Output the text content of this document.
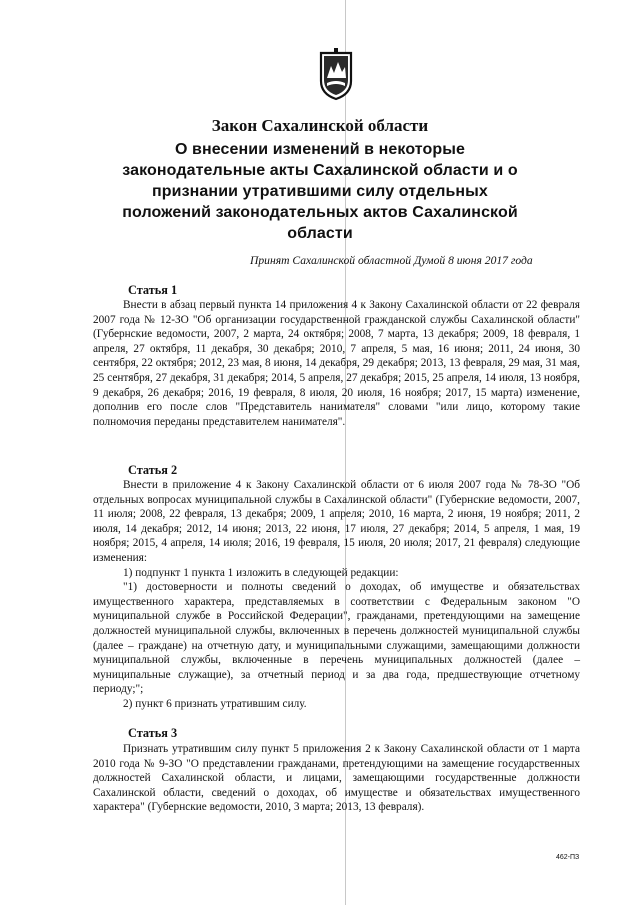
Закон Сахалинской области
О внесении изменений в некоторые законодательные акты Сахалинской области и о признании утратившими силу отдельных положений законодательных актов Сахалинской области
Принят Сахалинской областной Думой 8 июня 2017 года
Статья 1

Внести в абзац первый пункта 14 приложения 4 к Закону Сахалинской области от 22 февраля 2007 года № 12-ЗО "Об организации государственной гражданской службы Сахалинской области" (Губернские ведомости, 2007, 2 марта, 24 октября; 2008, 7 марта, 13 декабря; 2009, 18 февраля, 1 апреля, 27 октября, 11 декабря, 30 декабря; 2010, 7 апреля, 5 мая, 16 июня; 2011, 24 июня, 30 сентября, 22 октября; 2012, 23 мая, 8 июня, 14 декабря, 29 декабря; 2013, 13 февраля, 29 мая, 31 мая, 25 сентября, 27 декабря, 31 декабря; 2014, 5 апреля, 27 декабря; 2015, 25 апреля, 14 июля, 13 ноября, 9 декабря, 26 декабря; 2016, 19 февраля, 8 июля, 20 июля, 16 ноября; 2017, 15 марта) изменение, дополнив его после слов "Представитель нанимателя" словами "или лицо, которому такие полномочия переданы представителем нанимателя".

Статья 2

Внести в приложение 4 к Закону Сахалинской области от 6 июля 2007 года № 78-ЗО "Об отдельных вопросах муниципальной службы в Сахалинской области" (Губернские ведомости, 2007, 11 июля; 2008, 22 февраля, 13 декабря; 2009, 1 апреля; 2010, 16 марта, 2 июня, 19 ноября; 2011, 2 июля, 14 декабря; 2012, 14 июня; 2013, 22 июня, 17 июля, 27 декабря; 2014, 5 апреля, 1 мая, 19 ноября; 2015, 4 апреля, 14 июля; 2016, 19 февраля, 15 июля, 20 июля; 2017, 21 февраля) следующие изменения:

1) подпункт 1 пункта 1 изложить в следующей редакции:

"1) достоверности и полноты сведений о доходах, об имуществе и обязательствах имущественного характера, представляемых в соответствии с Федеральным законом "О муниципальной службе в Российской Федерации", гражданами, претендующими на замещение должностей муниципальной службы, включенных в перечень должностей муниципальной службы (далее – граждане) на отчетную дату, и муниципальными служащими, замещающими должности муниципальной службы, включенные в перечень муниципальных должностей (далее – муниципальные служащие), за отчетный период и за два года, предшествующие отчетному периоду;";

2) пункт 6 признать утратившим силу.

Статья 3

Признать утратившим силу пункт 5 приложения 2 к Закону Сахалинской области от 1 марта 2010 года № 9-ЗО "О представлении гражданами, претендующими на замещение государственных должностей Сахалинской области, и лицами, замещающими государственные должности Сахалинской области, сведений о доходах, об имуществе и обязательствах имущественного характера" (Губернские ведомости, 2010, 3 марта; 2013, 13 февраля).

462-ПЗ
